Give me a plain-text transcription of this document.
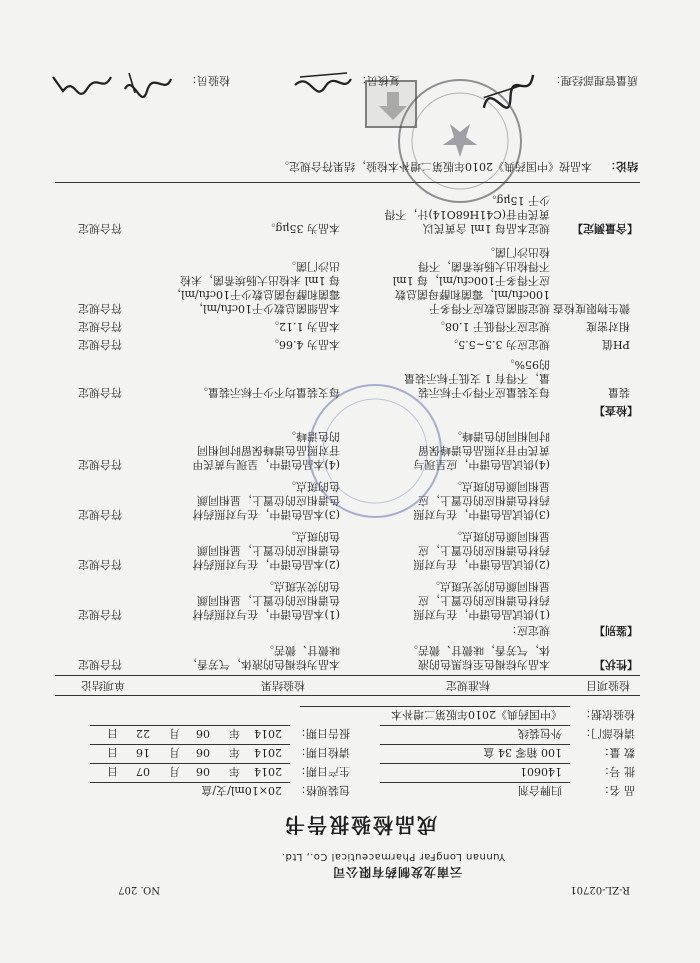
R-ZL-02701
NO. 207
云南龙发制药有限公司
Yunnan LongFar Pharmaceutical Co., Ltd.
成品检验报告书
品 名：
归脾合剂
包装规格：
20×10ml/支/盒
批 号：
140601
生产日期：
2014
年
06
月
07
日
数 量：
100 箱零 34 盒
请检日期：
2014
年
06
月
16
日
请检部门：
外包装线
报告日期：
2014
年
06
月
22
日
检验依据：
《中国药典》2010年版第二增补本
检验项目
标准规定
检验结果
单项结论
【性状】
本品为棕褐色至棕黑色的液
体，气芳香，味微甘、微苦。
本品为棕褐色的液体，气芳香，
味微甘、微苦。
符合规定
【鉴别】
规定应：
(1)供试品色谱中，在与对照
药材色谱相应的位置上，应
显相同颜色的荧光斑点。
(1)本品色谱中，在与对照药材
色谱相应的位置上，显相同颜
色的荧光斑点。
符合规定
(2)供试品色谱中，在与对照
药材色谱相应的位置上，应
显相同颜色的斑点。
(2)本品色谱中，在与对照药材
色谱相应的位置上，显相同颜
色的斑点。
符合规定
(3)供试品色谱中，在与对照
药材色谱相应的位置上，应
显相同颜色的斑点。
(3)本品色谱中，在与对照药材
色谱相应的位置上，显相同颜
色的斑点。
符合规定
(4)供试品色谱中，应呈现与
黄芪甲苷对照品色谱峰保留
时间相同的色谱峰。
(4)本品色谱中，呈现与黄芪甲
苷对照品色谱峰保留时间相同
的色谱峰。
符合规定
【检查】
装量
每支装量应不得少于标示装
量，不得有 1 支低于标示装量
的95%。
每支装量均不少于标示装量。
符合规定
PH值
规定应为 3.5~5.5。
本品为 4.66。
符合规定
相对密度
规定应不得低于 1.08。
本品为 1.12。
符合规定
微生物限度检查
规定细菌总数应不得多于
100cfu/ml，霉菌和酵母菌总数
应不得多于100cfu/ml，每 1ml
不得检出大肠埃希菌，不得
检出沙门菌。
本品细菌总数少于10cfu/ml，
霉菌和酵母菌总数少于10cfu/ml，
每 1ml 未检出大肠埃希菌，未检
出沙门菌。
符合规定
【含量测定】
规定本品每 1ml 含黄芪以
黄芪甲苷(C41H68O14)计，不得
少于 15μg。
本品为 35μg。
符合规定
结论：
本品按《中国药典》2010年版第二增补本检验，结果符合规定。
质量管理部经理：
复核员：
检验员：
